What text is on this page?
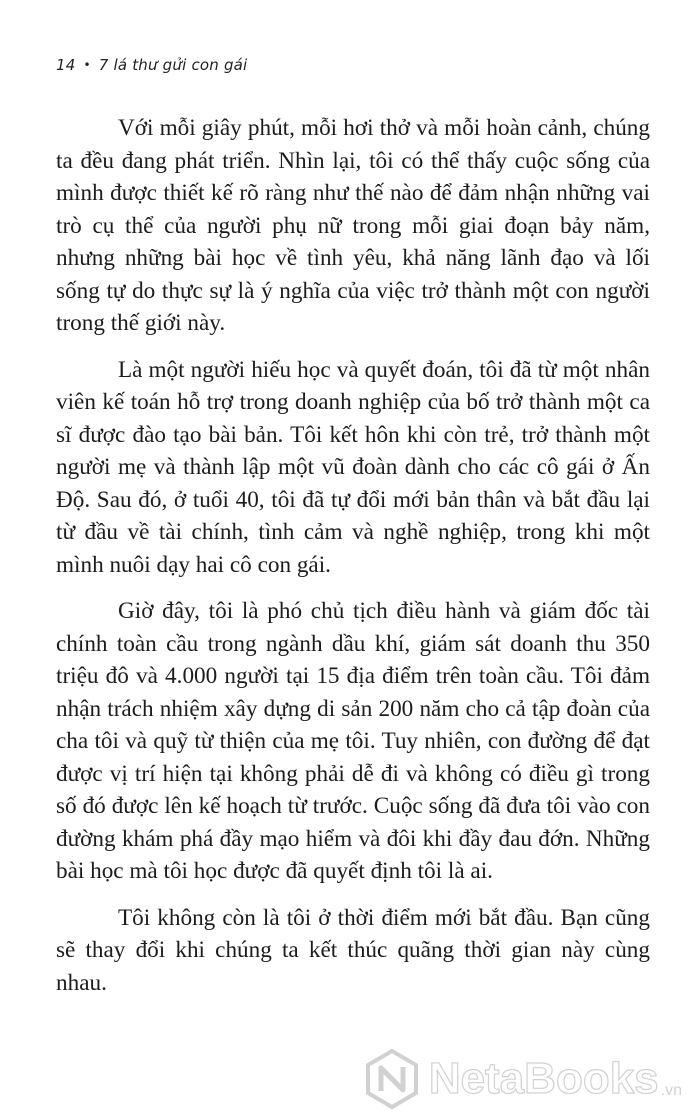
14 • 7 lá thư gửi con gái

Với mỗi giây phút, mỗi hơi thở và mỗi hoàn cảnh, chúng ta đều đang phát triển. Nhìn lại, tôi có thể thấy cuộc sống của mình được thiết kế rõ ràng như thế nào để đảm nhận những vai trò cụ thể của người phụ nữ trong mỗi giai đoạn bảy năm, nhưng những bài học về tình yêu, khả năng lãnh đạo và lối sống tự do thực sự là ý nghĩa của việc trở thành một con người trong thế giới này.

Là một người hiếu học và quyết đoán, tôi đã từ một nhân viên kế toán hỗ trợ trong doanh nghiệp của bố trở thành một ca sĩ được đào tạo bài bản. Tôi kết hôn khi còn trẻ, trở thành một người mẹ và thành lập một vũ đoàn dành cho các cô gái ở Ấn Độ. Sau đó, ở tuổi 40, tôi đã tự đổi mới bản thân và bắt đầu lại từ đầu về tài chính, tình cảm và nghề nghiệp, trong khi một mình nuôi dạy hai cô con gái.

Giờ đây, tôi là phó chủ tịch điều hành và giám đốc tài chính toàn cầu trong ngành dầu khí, giám sát doanh thu 350 triệu đô và 4.000 người tại 15 địa điểm trên toàn cầu. Tôi đảm nhận trách nhiệm xây dựng di sản 200 năm cho cả tập đoàn của cha tôi và quỹ từ thiện của mẹ tôi. Tuy nhiên, con đường để đạt được vị trí hiện tại không phải dễ đi và không có điều gì trong số đó được lên kế hoạch từ trước. Cuộc sống đã đưa tôi vào con đường khám phá đầy mạo hiểm và đôi khi đầy đau đớn. Những bài học mà tôi học được đã quyết định tôi là ai.

Tôi không còn là tôi ở thời điểm mới bắt đầu. Bạn cũng sẽ thay đổi khi chúng ta kết thúc quãng thời gian này cùng nhau.

NetaBooks .vn
